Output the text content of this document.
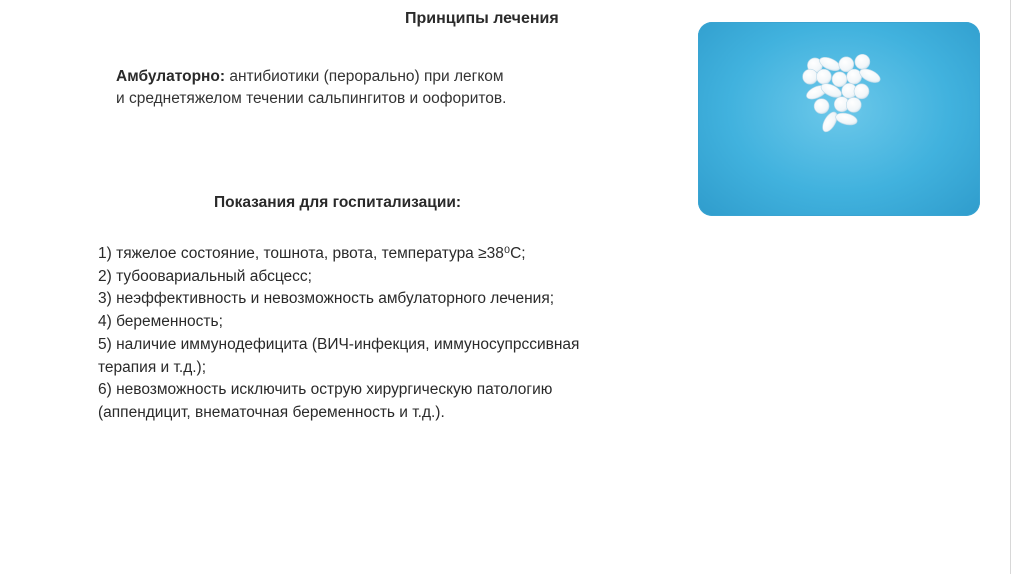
Принципы лечения
Амбулаторно: антибиотики (перорально) при легком
и среднетяжелом течении сальпингитов и оофоритов.
Показания для госпитализации:
1) тяжелое состояние, тошнота, рвота, температура ≥38⁰С;
2) тубоовариальный абсцесс;
3) неэффективность и невозможность амбулаторного лечения;
4) беременность;
5) наличие иммунодефицита (ВИЧ-инфекция, иммуносупрссивная
терапия и т.д.);
6) невозможность исключить острую хирургическую патологию
(аппендицит, внематочная беременность и т.д.).
